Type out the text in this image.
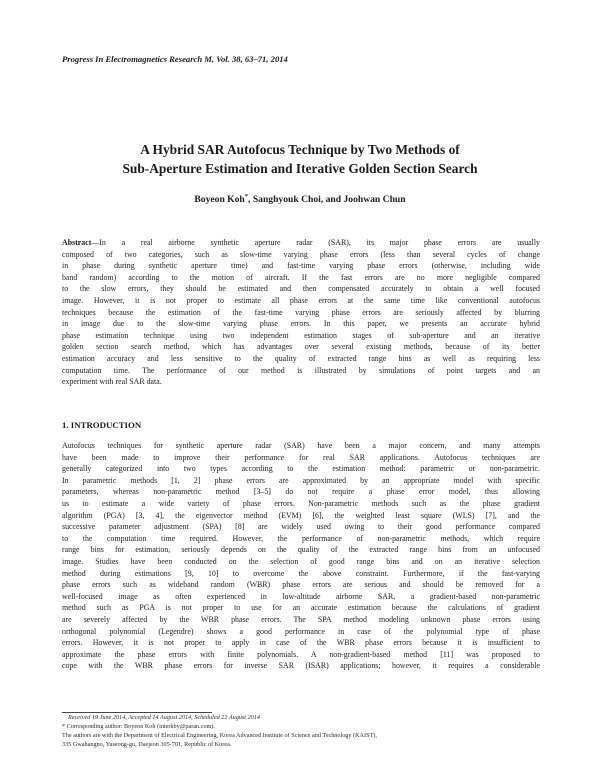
Progress In Electromagnetics Research M, Vol. 38, 63–71, 2014
A Hybrid SAR Autofocus Technique by Two Methods of
Sub-Aperture Estimation and Iterative Golden Section Search
Boyeon Koh*, Sanghyouk Choi, and Joohwan Chun
Abstract—In a real airborne synthetic aperture radar (SAR), its major phase errors are usually
composed of two categories, such as slow-time varying phase errors (less than several cycles of change
in phase during synthetic aperture time) and fast-time varying phase errors (otherwise, including wide
band random) according to the motion of aircraft. If the fast errors are no more negligible compared
to the slow errors, they should be estimated and then compensated accurately to obtain a well focused
image. However, it is not proper to estimate all phase errors at the same time like conventional autofocus
techniques because the estimation of the fast-time varying phase errors are seriously affected by blurring
in image due to the slow-time varying phase errors. In this paper, we presents an accurate hybrid
phase estimation technique using two independent estimation stages of sub-aperture and an iterative
golden section search method, which has advantages over several existing methods, because of its better
estimation accuracy and less sensitive to the quality of extracted range bins as well as requiring less
computation time. The performance of our method is illustrated by simulations of point targets and an
experiment with real SAR data.
1. INTRODUCTION
Autofocus techniques for synthetic aperture radar (SAR) have been a major concern, and many attempts
have been made to improve their performance for real SAR applications. Autofocus techniques are
generally categorized into two types according to the estimation method: parametric or non-parametric.
In parametric methods [1, 2] phase errors are approximated by an appropriate model with specific
parameters, whereas non-parametric method [3–5] do not require a phase error model, thus allowing
us to estimate a wide variety of phase errors. Non-parametric methods such as the phase gradient
algorithm (PGA) [3, 4], the eigenvector method (EVM) [6], the weighted least square (WLS) [7], and the
successive parameter adjustment (SPA) [8] are widely used owing to their good performance compared
to the computation time required. However, the performance of non-parametric methods, which require
range bins for estimation, seriously depends on the quality of the extracted range bins from an unfocused
image. Studies have been conducted on the selection of good range bins and on an iterative selection
method during estimations [9, 10] to overcome the above constraint. Furthermore, if the fast-varying
phase errors such as wideband random (WBR) phase errors are serious and should be removed for a
well-focused image as often experienced in low-altitude airborne SAR, a gradient-based non-parametric
method such as PGA is not proper to use for an accurate estimation because the calculations of gradient
are severely affected by the WBR phase errors. The SPA method modeling unknown phase errors using
orthogonal polynomial (Legendre) shows a good performance in case of the polynomial type of phase
errors. However, it is not proper to apply in case of the WBR phase errors because it is insufficient to
approximate the phase errors with finite polynomials. A non-gradient-based method [11] was proposed to
cope with the WBR phase errors for inverse SAR (ISAR) applications; however, it requires a considerable
Received 19 June 2014, Accepted 14 August 2014, Scheduled 22 August 2014
* Corresponding author: Boyeon Koh (interkby@paran.com).
The authors are with the Department of Electrical Engineering, Korea Advanced Institute of Science and Technology (KAIST),
335 Gwahangno, Yuseong-gu, Daejeon 305-701, Republic of Korea.
